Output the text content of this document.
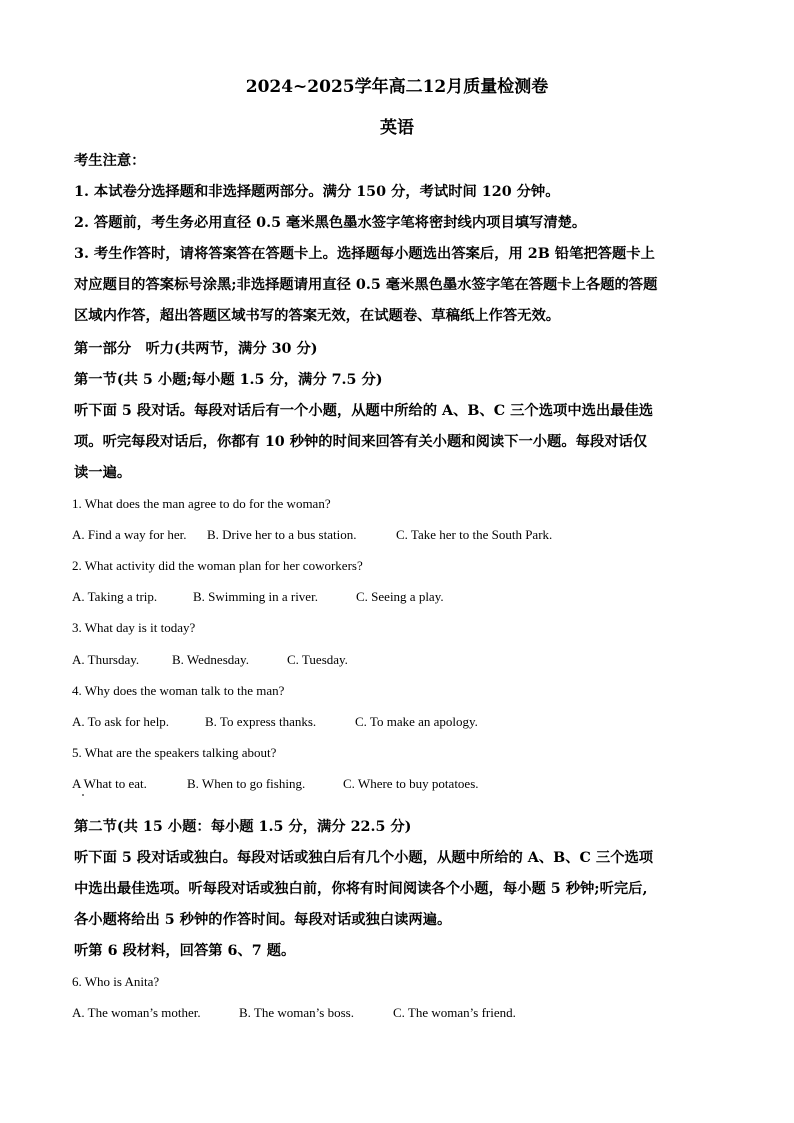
2024~2025学年高二12月质量检测卷
英语
考生注意：
1. 本试卷分选择题和非选择题两部分。满分 150 分，考试时间 120 分钟。
2. 答题前，考生务必用直径 0.5 毫米黑色墨水签字笔将密封线内项目填写清楚。
3. 考生作答时，请将答案答在答题卡上。选择题每小题选出答案后，用 2B 铅笔把答题卡上
对应题目的答案标号涂黑;非选择题请用直径 0.5 毫米黑色墨水签字笔在答题卡上各题的答题
区域内作答，超出答题区域书写的答案无效，在试题卷、草稿纸上作答无效。
第一部分　听力(共两节，满分 30 分)
第一节(共 5 小题;每小题 1.5 分，满分 7.5 分)
听下面 5 段对话。每段对话后有一个小题，从题中所给的 A、B、C 三个选项中选出最佳选
项。听完每段对话后，你都有 10 秒钟的时间来回答有关小题和阅读下一小题。每段对话仅
读一遍。
1. What does the man agree to do for the woman?
A. Find a way for her. B. Drive her to a bus station.	C. Take her to the South Park.
2. What activity did the woman plan for her coworkers?
A. Taking a trip.	B. Swimming in a river.	C. Seeing a play.
3. What day is it today?
A. Thursday.	B. Wednesday.	C. Tuesday.
4. Why does the woman talk to the man?
A. To ask for help.	B. To express thanks.	C. To make an apology.
5. What are the speakers talking about?
A What to eat.	B. When to go fishing.	C. Where to buy potatoes.
第二节(共 15 小题：每小题 1.5 分，满分 22.5 分)
听下面 5 段对话或独白。每段对话或独白后有几个小题，从题中所给的 A、B、C 三个选项
中选出最佳选项。听每段对话或独白前，你将有时间阅读各个小题，每小题 5 秒钟;听完后,
各小题将给出 5 秒钟的作答时间。每段对话或独白读两遍。
听第 6 段材料，回答第 6、7 题。
6. Who is Anita?
A. The woman’s mother.	B. The woman’s boss.	C. The woman’s friend.
